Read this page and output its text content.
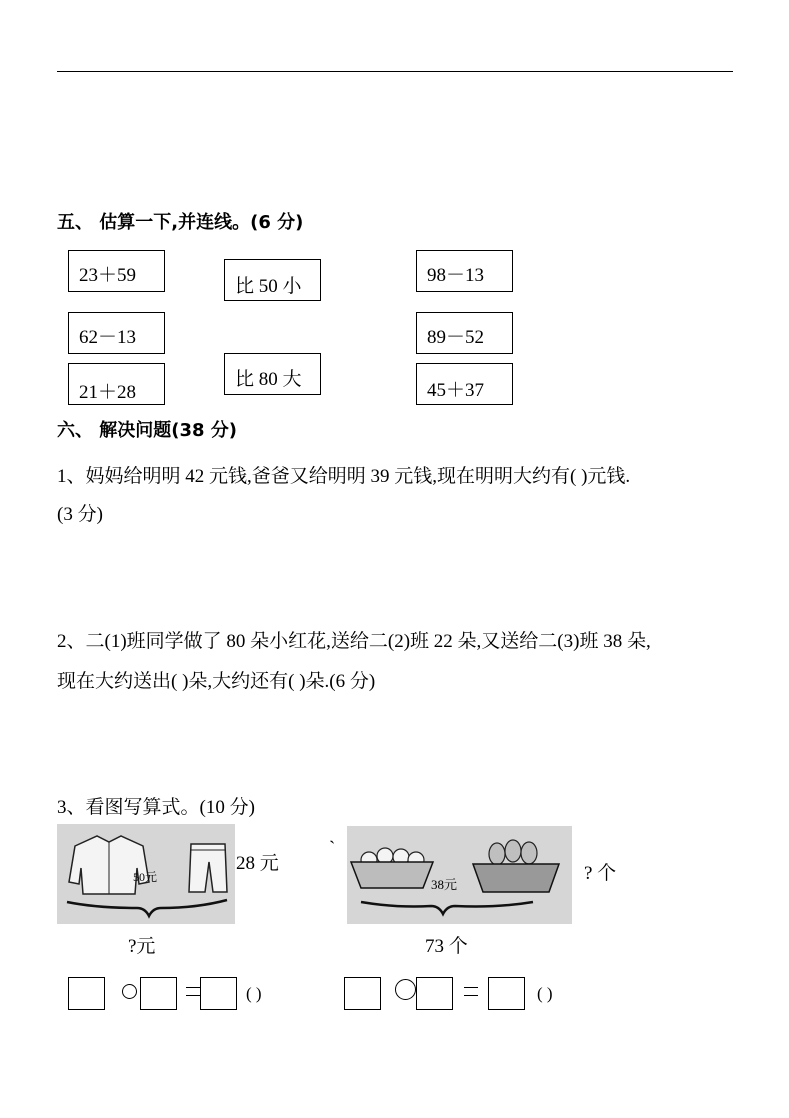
五、 估算一下,并连线。(6 分)
23＋59
62－13
21＋28
比 50 小
比 80 大
98－13
89－52
45＋37
六、 解决问题(38 分)
1、妈妈给明明 42 元钱,爸爸又给明明 39 元钱,现在明明大约有( )元钱.
(3 分)
2、二(1)班同学做了 80 朵小红花,送给二(2)班 22 朵,又送给二(3)班 38 朵,
现在大约送出( )朵,大约还有( )朵.(6 分)
3、看图写算式。(10 分)
50元
28 元
?元
`
38元
? 个
73 个
( )	( )
